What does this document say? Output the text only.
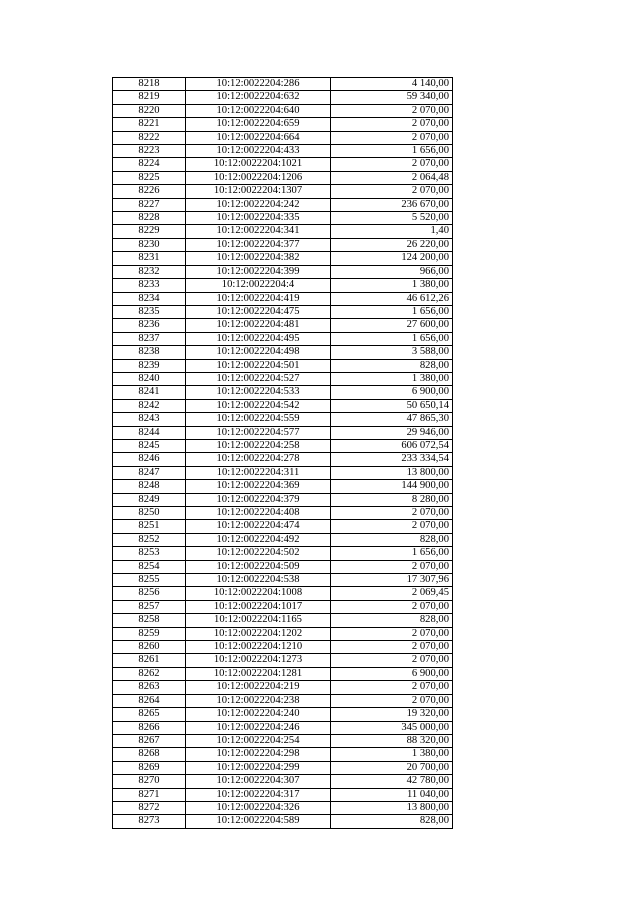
8218	10:12:0022204:286	4 140,00
8219	10:12:0022204:632	59 340,00
8220	10:12:0022204:640	2 070,00
8221	10:12:0022204:659	2 070,00
8222	10:12:0022204:664	2 070,00
8223	10:12:0022204:433	1 656,00
8224	10:12:0022204:1021	2 070,00
8225	10:12:0022204:1206	2 064,48
8226	10:12:0022204:1307	2 070,00
8227	10:12:0022204:242	236 670,00
8228	10:12:0022204:335	5 520,00
8229	10:12:0022204:341	1,40
8230	10:12:0022204:377	26 220,00
8231	10:12:0022204:382	124 200,00
8232	10:12:0022204:399	966,00
8233	10:12:0022204:4	1 380,00
8234	10:12:0022204:419	46 612,26
8235	10:12:0022204:475	1 656,00
8236	10:12:0022204:481	27 600,00
8237	10:12:0022204:495	1 656,00
8238	10:12:0022204:498	3 588,00
8239	10:12:0022204:501	828,00
8240	10:12:0022204:527	1 380,00
8241	10:12:0022204:533	6 900,00
8242	10:12:0022204:542	50 650,14
8243	10:12:0022204:559	47 865,30
8244	10:12:0022204:577	29 946,00
8245	10:12:0022204:258	606 072,54
8246	10:12:0022204:278	233 334,54
8247	10:12:0022204:311	13 800,00
8248	10:12:0022204:369	144 900,00
8249	10:12:0022204:379	8 280,00
8250	10:12:0022204:408	2 070,00
8251	10:12:0022204:474	2 070,00
8252	10:12:0022204:492	828,00
8253	10:12:0022204:502	1 656,00
8254	10:12:0022204:509	2 070,00
8255	10:12:0022204:538	17 307,96
8256	10:12:0022204:1008	2 069,45
8257	10:12:0022204:1017	2 070,00
8258	10:12:0022204:1165	828,00
8259	10:12:0022204:1202	2 070,00
8260	10:12:0022204:1210	2 070,00
8261	10:12:0022204:1273	2 070,00
8262	10:12:0022204:1281	6 900,00
8263	10:12:0022204:219	2 070,00
8264	10:12:0022204:238	2 070,00
8265	10:12:0022204:240	19 320,00
8266	10:12:0022204:246	345 000,00
8267	10:12:0022204:254	88 320,00
8268	10:12:0022204:298	1 380,00
8269	10:12:0022204:299	20 700,00
8270	10:12:0022204:307	42 780,00
8271	10:12:0022204:317	11 040,00
8272	10:12:0022204:326	13 800,00
8273	10:12:0022204:589	828,00
